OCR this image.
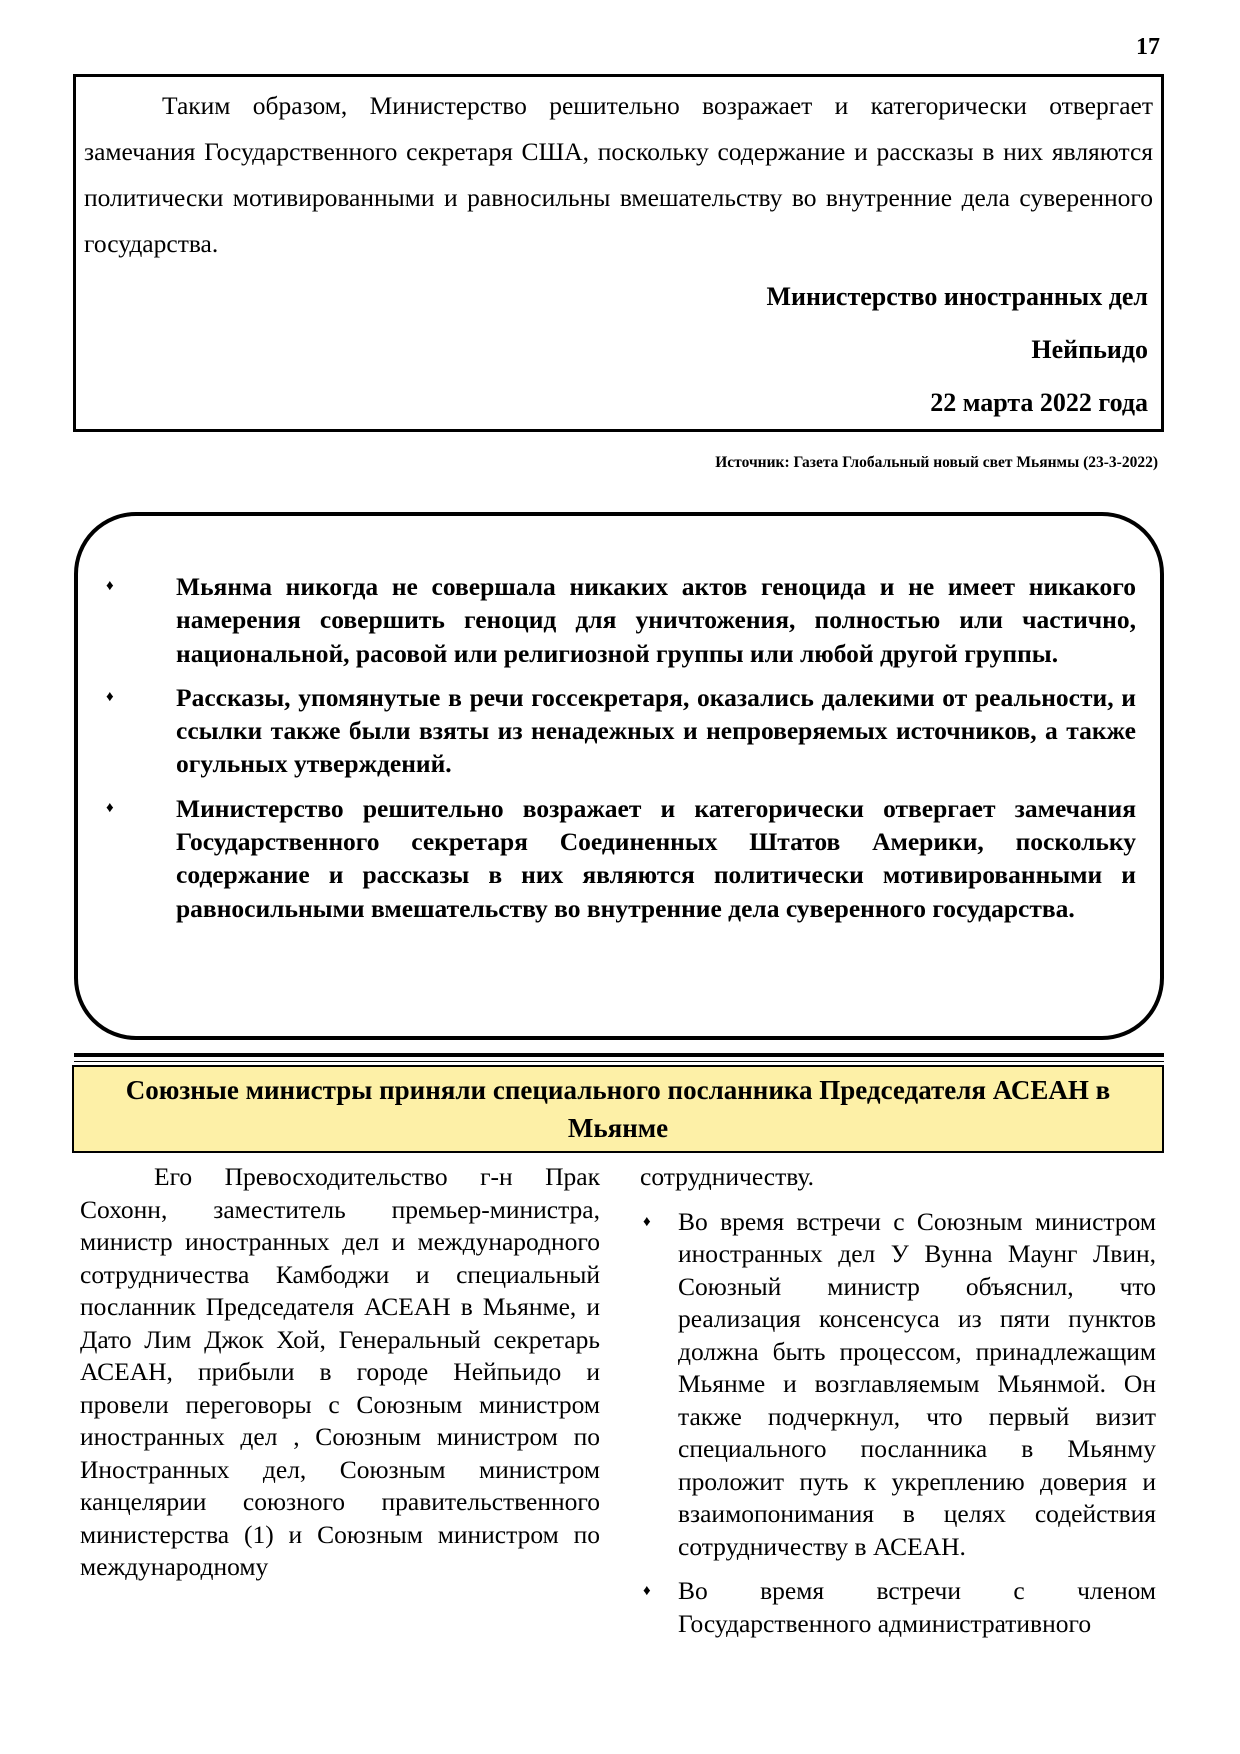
17

Таким образом, Министерство решительно возражает и категорически отвергает замечания Государственного секретаря США, поскольку содержание и рассказы в них являются политически мотивированными и равносильны вмешательству во внутренние дела суверенного государства.

Министерство иностранных дел
Нейпьидо
22 марта 2022 года
Источник: Газета Глобальный новый свет Мьянмы (23-3-2022)
♦	Мьянма никогда не совершала никаких актов геноцида и не имеет никакого намерения совершить геноцид для уничтожения, полностью или частично, национальной, расовой или религиозной группы или любой другой группы.
♦	Рассказы, упомянутые в речи госсекретаря, оказались далекими от реальности, и ссылки также были взяты из ненадежных и непроверяемых источников, а также огульных утверждений.
♦	Министерство решительно возражает и категорически отвергает замечания Государственного секретаря Соединенных Штатов Америки, поскольку содержание и рассказы в них являются политически мотивированными и равносильными вмешательству во внутренние дела суверенного государства.
Союзные министры приняли специального посланника Председателя АСЕАН в Мьянме

Его Превосходительство г-н Прак Сохонн, заместитель премьер-министра, министр иностранных дел и международного сотрудничества Камбоджи и специальный посланник Председателя АСЕАН в Мьянме, и Дато Лим Джок Хой, Генеральный секретарь АСЕАН, прибыли в городе Нейпьидо и провели переговоры с Союзным министром иностранных дел , Союзным министром по Иностранных дел, Союзным министром канцелярии союзного правительственного министерства (1) и Союзным министром по международному

сотрудничеству.

♦ Во время встречи с Союзным министром иностранных дел У Вунна Маунг Лвин, Союзный министр объяснил, что реализация консенсуса из пяти пунктов должна быть процессом, принадлежащим Мьянме и возглавляемым Мьянмой. Он также подчеркнул, что первый визит специального посланника в Мьянму проложит путь к укреплению доверия и взаимопонимания в целях содействия сотрудничеству в АСЕАН.
♦ Во время встречи с членом Государственного административного
